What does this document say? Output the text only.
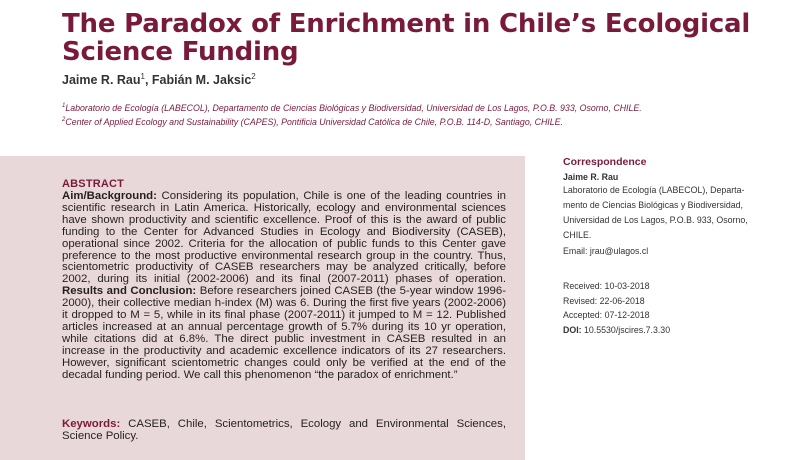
The Paradox of Enrichment in Chile’s Ecological Science Funding
Jaime R. Rau$^1$, Fabián M. Jaksic$^2$
$^1$Laboratorio de Ecología (LABECOL), Departamento de Ciencias Biológicas y Biodiversidad, Universidad de Los Lagos, P.O.B. 933, Osorno, CHILE.
$^2$Center of Applied Ecology and Sustainability (CAPES), Pontificia Universidad Católica de Chile, P.O.B. 114-D, Santiago, CHILE.
ABSTRACT

Aim/Background: Considering its population, Chile is one of the leading countries in scientific research in Latin America. Historically, ecology and environmental sciences have shown productivity and scientific excellence. Proof of this is the award of public funding to the Center for Advanced Studies in Ecology and Biodiversity (CASEB), operational since 2002. Criteria for the allocation of public funds to this Center gave preference to the most productive environmental research group in the country. Thus, scientometric productivity of CASEB researchers may be analyzed critically, before 2002, during its initial (2002-2006) and its final (2007-2011) phases of operation. Results and Conclusion: Before researchers joined CASEB (the 5-year window 1996-2000), their collective median h-index (M) was 6. During the first five years (2002-2006) it dropped to M = 5, while in its final phase (2007-2011) it jumped to M = 12. Published articles increased at an annual percentage growth of 5.7% during its 10 yr operation, while citations did at 6.8%. The direct public investment in CASEB resulted in an increase in the productivity and academic excellence indicators of its 27 researchers. However, significant scientometric changes could only be verified at the end of the decadal funding period. We call this phenomenon “the paradox of enrichment.”

Keywords: CASEB, Chile, Scientometrics, Ecology and Environmental Sciences, Science Policy.

Correspondence
Jaime R. Rau
Laboratorio de Ecología (LABECOL), Departa-
mento de Ciencias Biológicas y Biodiversidad,
Universidad de Los Lagos, P.O.B. 933, Osorno,
CHILE.
Email: jrau@ulagos.cl
Received: 10-03-2018
Revised: 22-06-2018
Accepted: 07-12-2018
DOI: 10.5530/jscires.7.3.30
